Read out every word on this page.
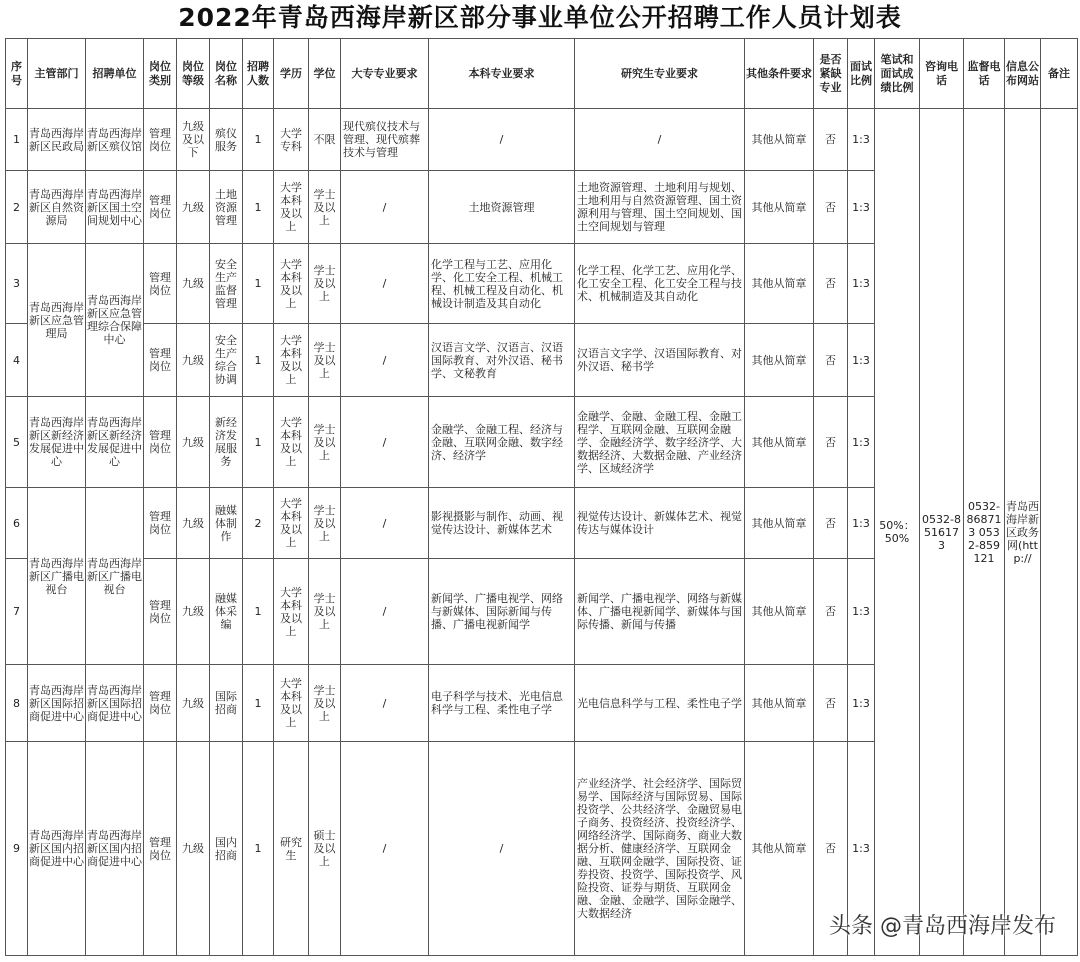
2022年青岛西海岸新区部分事业单位公开招聘工作人员计划表
序号	主管部门	招聘单位	岗位类别	岗位等级	岗位名称	招聘人数	学历	学位	大专专业要求	本科专业要求	研究生专业要求	其他条件要求	是否紧缺专业	面试比例	笔试和面试成绩比例	咨询电话	监督电话	信息公布网站	备注
1	青岛西海岸新区民政局	青岛西海岸新区殡仪馆	管理岗位	九级及以下	殡仪服务	1	大学专科	不限	现代殡仪技术与管理、现代殡葬技术与管理	/	/	其他从简章	否	1:3	50%：50%	0532-8516173	0532-868713 0532-859121	青岛西海岸新区政务网(http://	
2	青岛西海岸新区自然资源局	青岛西海岸新区国土空间规划中心	管理岗位	九级	土地资源管理	1	大学本科及以上	学士及以上	/	土地资源管理	土地资源管理、土地利用与规划、土地利用与自然资源管理、国土资源利用与管理、国土空间规划、国土空间规划与管理	其他从简章	否	1:3					
3	青岛西海岸新区应急管理局	青岛西海岸新区应急管理综合保障中心	管理岗位	九级	安全生产监督管理	1	大学本科及以上	学士及以上	/	化学工程与工艺、应用化学、化工安全工程、机械工程、机械工程及自动化、机械设计制造及其自动化	化学工程、化学工艺、应用化学、化工安全工程、化工安全工程与技术、机械制造及其自动化	其他从简章	否	1:3					
4			管理岗位	九级	安全生产综合协调	1	大学本科及以上	学士及以上	/	汉语言文学、汉语言、汉语国际教育、对外汉语、秘书学、文秘教育	汉语言文字学、汉语国际教育、对外汉语、秘书学	其他从简章	否	1:3					
5	青岛西海岸新区新经济发展促进中心	青岛西海岸新区新经济发展促进中心	管理岗位	九级	新经济发展服务	1	大学本科及以上	学士及以上	/	金融学、金融工程、经济与金融、互联网金融、数字经济、经济学	金融学、金融、金融工程、金融工程学、互联网金融、互联网金融学、金融经济学、数字经济学、大数据经济、大数据金融、产业经济学、区域经济学	其他从简章	否	1:3					
6	青岛西海岸新区广播电视台	青岛西海岸新区广播电视台	管理岗位	九级	融媒体制作	2	大学本科及以上	学士及以上	/	影视摄影与制作、动画、视觉传达设计、新媒体艺术	视觉传达设计、新媒体艺术、视觉传达与媒体设计	其他从简章	否	1:3					
7			管理岗位	九级	融媒体采编	1	大学本科及以上	学士及以上	/	新闻学、广播电视学、网络与新媒体、国际新闻与传播、广播电视新闻学	新闻学、广播电视学、网络与新媒体、广播电视新闻学、新媒体与国际传播、新闻与传播	其他从简章	否	1:3					
8	青岛西海岸新区国际招商促进中心	青岛西海岸新区国际招商促进中心	管理岗位	九级	国际招商	1	大学本科及以上	学士及以上	/	电子科学与技术、光电信息科学与工程、柔性电子学	光电信息科学与工程、柔性电子学	其他从简章	否	1:3					
9	青岛西海岸新区国内招商促进中心	青岛西海岸新区国内招商促进中心	管理岗位	九级	国内招商	1	研究生	硕士及以上	/	/	产业经济学、社会经济学、国际贸易学、国际经济与国际贸易、国际投资学、公共经济学、金融贸易电子商务、投资经济、投资经济学、网络经济学、国际商务、商业大数据分析、健康经济学、互联网金融、互联网金融学、国际投资、证券投资、投资学、国际投资学、风险投资、证券与期货、互联网金融、金融、金融学、国际金融学、大数据经济	其他从简章	否	1:3					
头条 @青岛西海岸发布
